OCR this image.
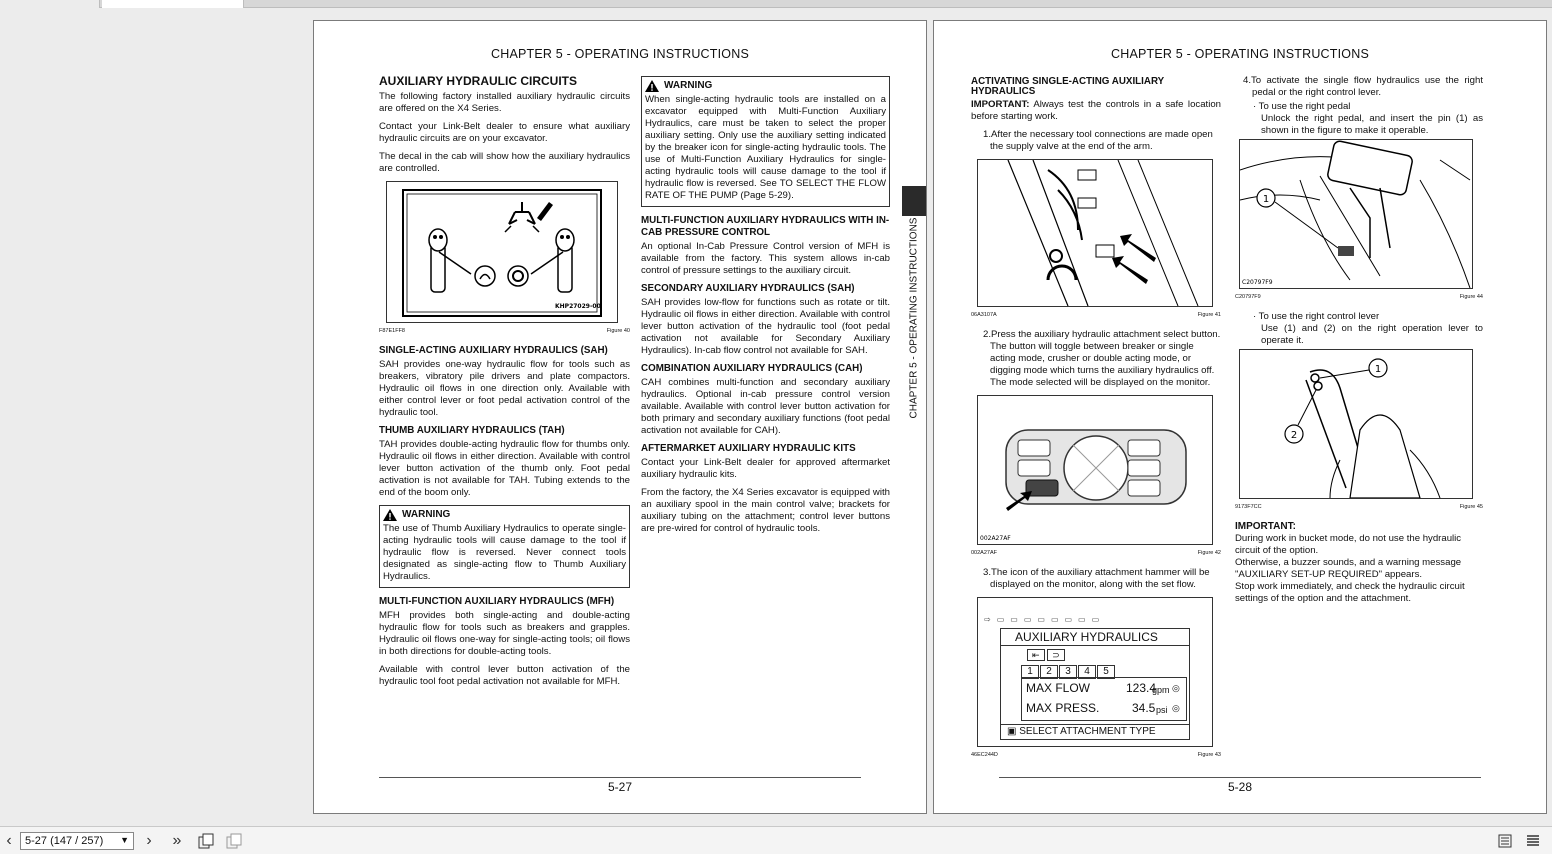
CHAPTER 5 - OPERATING INSTRUCTIONS
AUXILIARY HYDRAULIC CIRCUITS

The following factory installed auxiliary hydraulic circuits are offered on the X4 Series.

Contact your Link-Belt dealer to ensure what auxiliary hydraulic circuits are on your excavator.

The decal in the cab will show how the auxiliary hydraulics are controlled.

KHP27029-00
F87E1FF8	Figure 40
SINGLE-ACTING AUXILIARY HYDRAULICS (SAH)

SAH provides one-way hydraulic flow for tools such as breakers, vibratory pile drivers and plate compactors. Hydraulic oil flows in one direction only. Available with either control lever or foot pedal activation control of the hydraulic tool.

THUMB AUXILIARY HYDRAULICS (TAH)

TAH provides double-acting hydraulic flow for thumbs only. Hydraulic oil flows in either direction. Available with control lever button activation of the thumb only. Foot pedal activation is not available for TAH. Tubing extends to the end of the boom only.

WARNING

The use of Thumb Auxiliary Hydraulics to operate single-acting hydraulic tools will cause damage to the tool if hydraulic flow is reversed. Never connect tools designated as single-acting flow to Thumb Auxiliary Hydraulics.

MULTI-FUNCTION AUXILIARY HYDRAULICS (MFH)

MFH provides both single-acting and double-acting hydraulic flow for tools such as breakers and grapples. Hydraulic oil flows one-way for single-acting tools; oil flows in both directions for double-acting tools.

Available with control lever button activation of the hydraulic tool foot pedal activation not available for MFH.

WARNING

When single-acting hydraulic tools are installed on a excavator equipped with Multi-Function Auxiliary Hydraulics, care must be taken to select the proper auxiliary setting. Only use the auxiliary setting indicated by the breaker icon for single-acting hydraulic tools. The use of Multi-Function Auxiliary Hydraulics for single-acting hydraulic tools will cause damage to the tool if hydraulic flow is reversed. See TO SELECT THE FLOW RATE OF THE PUMP (Page 5-29).

MULTI-FUNCTION AUXILIARY HYDRAULICS WITH IN-CAB PRESSURE CONTROL

An optional In-Cab Pressure Control version of MFH is available from the factory. This system allows in-cab control of pressure settings to the auxiliary circuit.

SECONDARY AUXILIARY HYDRAULICS (SAH)

SAH provides low-flow for functions such as rotate or tilt. Hydraulic oil flows in either direction. Available with control lever button activation of the hydraulic tool (foot pedal activation not available for Secondary Auxiliary Hydraulics). In-cab flow control not available for SAH.

COMBINATION AUXILIARY HYDRAULICS (CAH)

CAH combines multi-function and secondary auxiliary hydraulics. Optional in-cab pressure control version available. Available with control lever button activation for both primary and secondary auxiliary functions (foot pedal activation not available for CAH).

AFTERMARKET AUXILIARY HYDRAULIC KITS

Contact your Link-Belt dealer for approved aftermarket auxiliary hydraulic kits.

From the factory, the X4 Series excavator is equipped with an auxiliary spool in the main control valve; brackets for auxiliary tubing on the attachment; control lever buttons are pre-wired for control of hydraulic tools.

5-27
CHAPTER 5 - OPERATING INSTRUCTIONS
CHAPTER 5 - OPERATING INSTRUCTIONS
ACTIVATING SINGLE-ACTING AUXILIARY HYDRAULICS

IMPORTANT: Always test the controls in a safe location before starting work.

1.After the necessary tool connections are made open the supply valve at the end of the arm.
06A3107A	Figure 41
2.Press the auxiliary hydraulic attachment select button. The button will toggle between breaker or single acting mode, crusher or double acting mode, or digging mode which turns the auxiliary hydraulics off. The mode selected will be displayed on the monitor.
002A27AF
002A27AF	Figure 42
3.The icon of the auxiliary attachment hammer will be displayed on the monitor, along with the set flow.
⇨▭▭▭▭▭▭▭▭
AUXILIARY HYDRAULICS
⇤ ⊃
1	2	3	4	5
MAX FLOW	123.4
gpm
MAX PRESS.	34.5 psi
◎
◎
▣ SELECT ATTACHMENT TYPE
46EC244D	Figure 43

4.To activate the single flow hydraulics use the right pedal or the right control lever.

· To use the right pedal

Unlock the right pedal, and insert the pin (1) as shown in the figure to make it operable.

1
C20797F9
C20797F9	Figure 44
· To use the right control lever

Use (1) and (2) on the right operation lever to operate it.

1
2
9173F7CC	Figure 45
IMPORTANT:
During work in bucket mode, do not use the hydraulic circuit of the option.
Otherwise, a buzzer sounds, and a warning message "AUXILIARY SET-UP REQUIRED" appears.
Stop work immediately, and check the hydraulic circuit settings of the option and the attachment.
5-28
‹	5-27 (147 / 257) ▼ › »
